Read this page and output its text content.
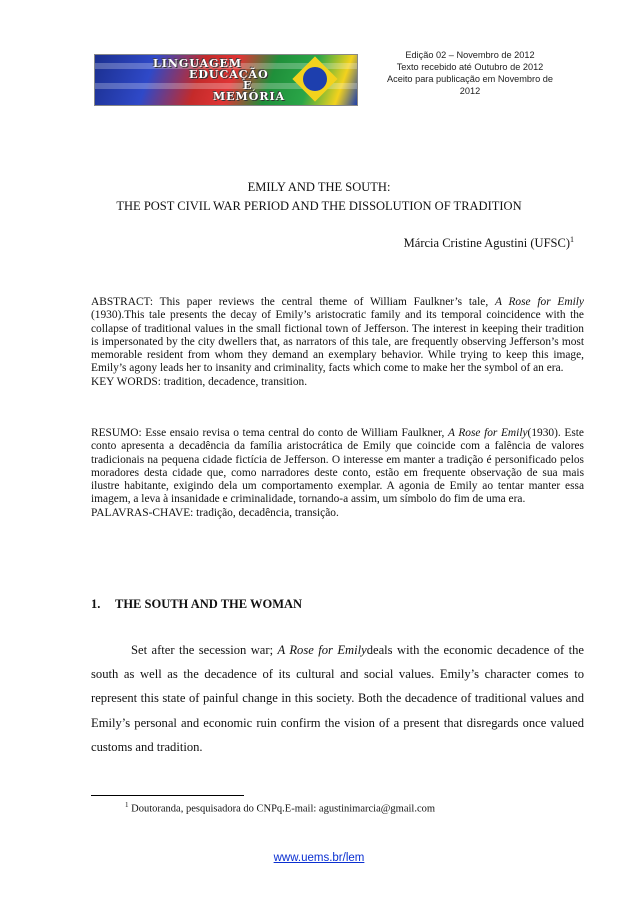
LINGUAGEM
EDUCAÇÃO
E
MEMÓRIA
Edição 02 – Novembro de 2012
Texto recebido até Outubro de 2012
Aceito para publicação em Novembro de
2012
EMILY AND THE SOUTH:
THE POST CIVIL WAR PERIOD AND THE DISSOLUTION OF TRADITION
Márcia Cristine Agustini (UFSC)$^1$

ABSTRACT: This paper reviews the central theme of William Faulkner’s tale, A Rose for Emily (1930).This tale presents the decay of Emily’s aristocratic family and its temporal coincidence with the collapse of traditional values in the small fictional town of Jefferson. The interest in keeping their tradition is impersonated by the city dwellers that, as narrators of this tale, are frequently observing Jefferson’s most memorable resident from whom they demand an exemplary behavior. While trying to keep this image, Emily’s agony leads her to insanity and criminality, facts which come to make her the symbol of an era.
KEY WORDS: tradition, decadence, transition.

RESUMO: Esse ensaio revisa o tema central do conto de William Faulkner, A Rose for Emily(1930). Este conto apresenta a decadência da família aristocrática de Emily que coincide com a falência de valores tradicionais na pequena cidade fictícia de Jefferson. O interesse em manter a tradição é personificado pelos moradores desta cidade que, como narradores deste conto, estão em frequente observação de sua mais ilustre habitante, exigindo dela um comportamento exemplar. A agonia de Emily ao tentar manter essa imagem, a leva à insanidade e criminalidade, tornando-a assim, um símbolo do fim de uma era.
PALAVRAS-CHAVE: tradição, decadência, transição.

1. THE SOUTH AND THE WOMAN

Set after the secession war; A Rose for Emilydeals with the economic decadence of the south as well as the decadence of its cultural and social values. Emily’s character comes to represent this state of painful change in this society. Both the decadence of traditional values and Emily’s personal and economic ruin confirm the vision of a present that disregards once valued customs and tradition.

$^1$ Doutoranda, pesquisadora do CNPq.E-mail: agustinimarcia@gmail.com
www.uems.br/lem
